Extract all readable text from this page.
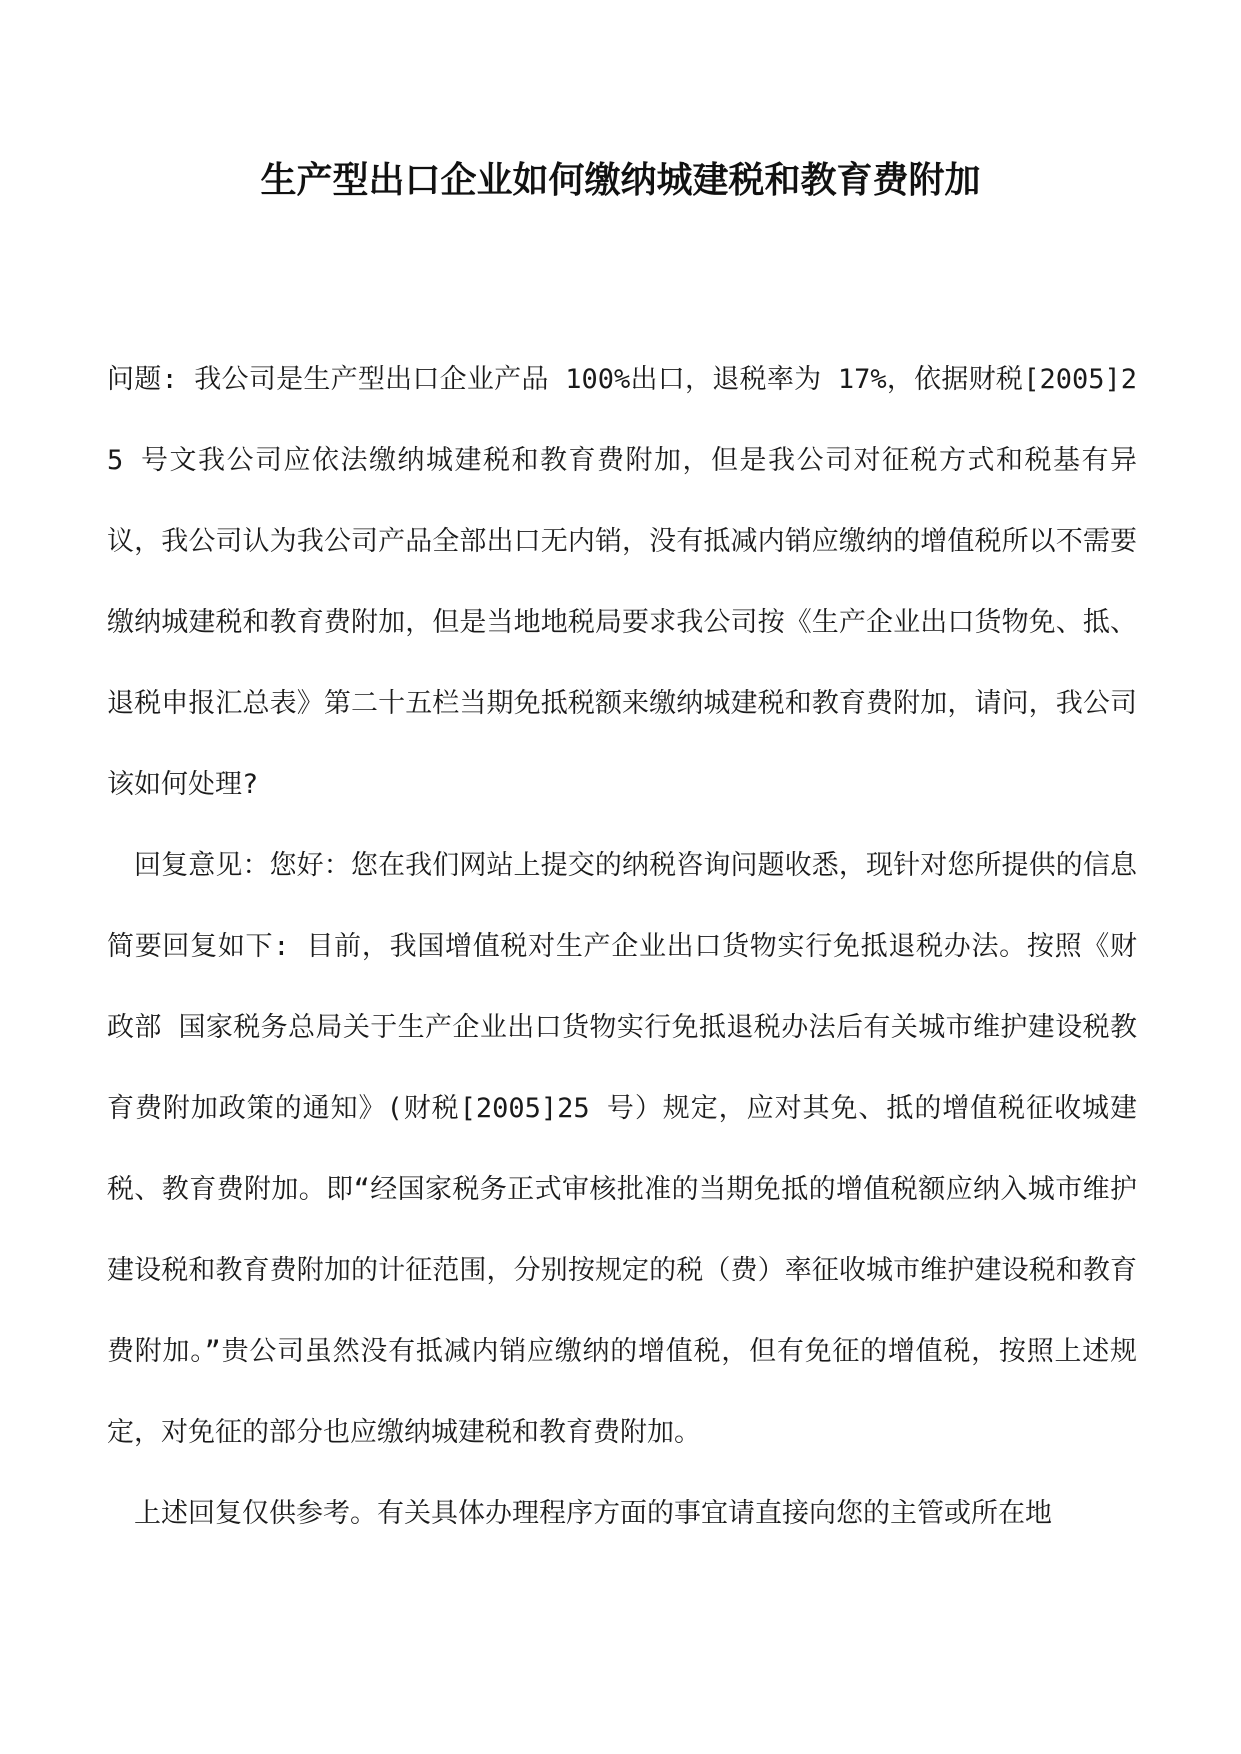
生产型出口企业如何缴纳城建税和教育费附加

问题: 我公司是生产型出口企业产品 100%出口，退税率为 17%，依据财税[2005]25 号文我公司应依法缴纳城建税和教育费附加，但是我公司对征税方式和税基有异议，我公司认为我公司产品全部出口无内销，没有抵减内销应缴纳的增值税所以不需要缴纳城建税和教育费附加，但是当地地税局要求我公司按《生产企业出口货物免、抵、退税申报汇总表》第二十五栏当期免抵税额来缴纳城建税和教育费附加，请问，我公司该如何处理?

回复意见：您好：您在我们网站上提交的纳税咨询问题收悉，现针对您所提供的信息简要回复如下: 目前，我国增值税对生产企业出口货物实行免抵退税办法。按照《财政部 国家税务总局关于生产企业出口货物实行免抵退税办法后有关城市维护建设税教育费附加政策的通知》(财税[2005]25 号）规定，应对其免、抵的增值税征收城建税、教育费附加。即“经国家税务正式审核批准的当期免抵的增值税额应纳入城市维护建设税和教育费附加的计征范围，分别按规定的税（费）率征收城市维护建设税和教育费附加。”贵公司虽然没有抵减内销应缴纳的增值税，但有免征的增值税，按照上述规定，对免征的部分也应缴纳城建税和教育费附加。

上述回复仅供参考。有关具体办理程序方面的事宜请直接向您的主管或所在地
